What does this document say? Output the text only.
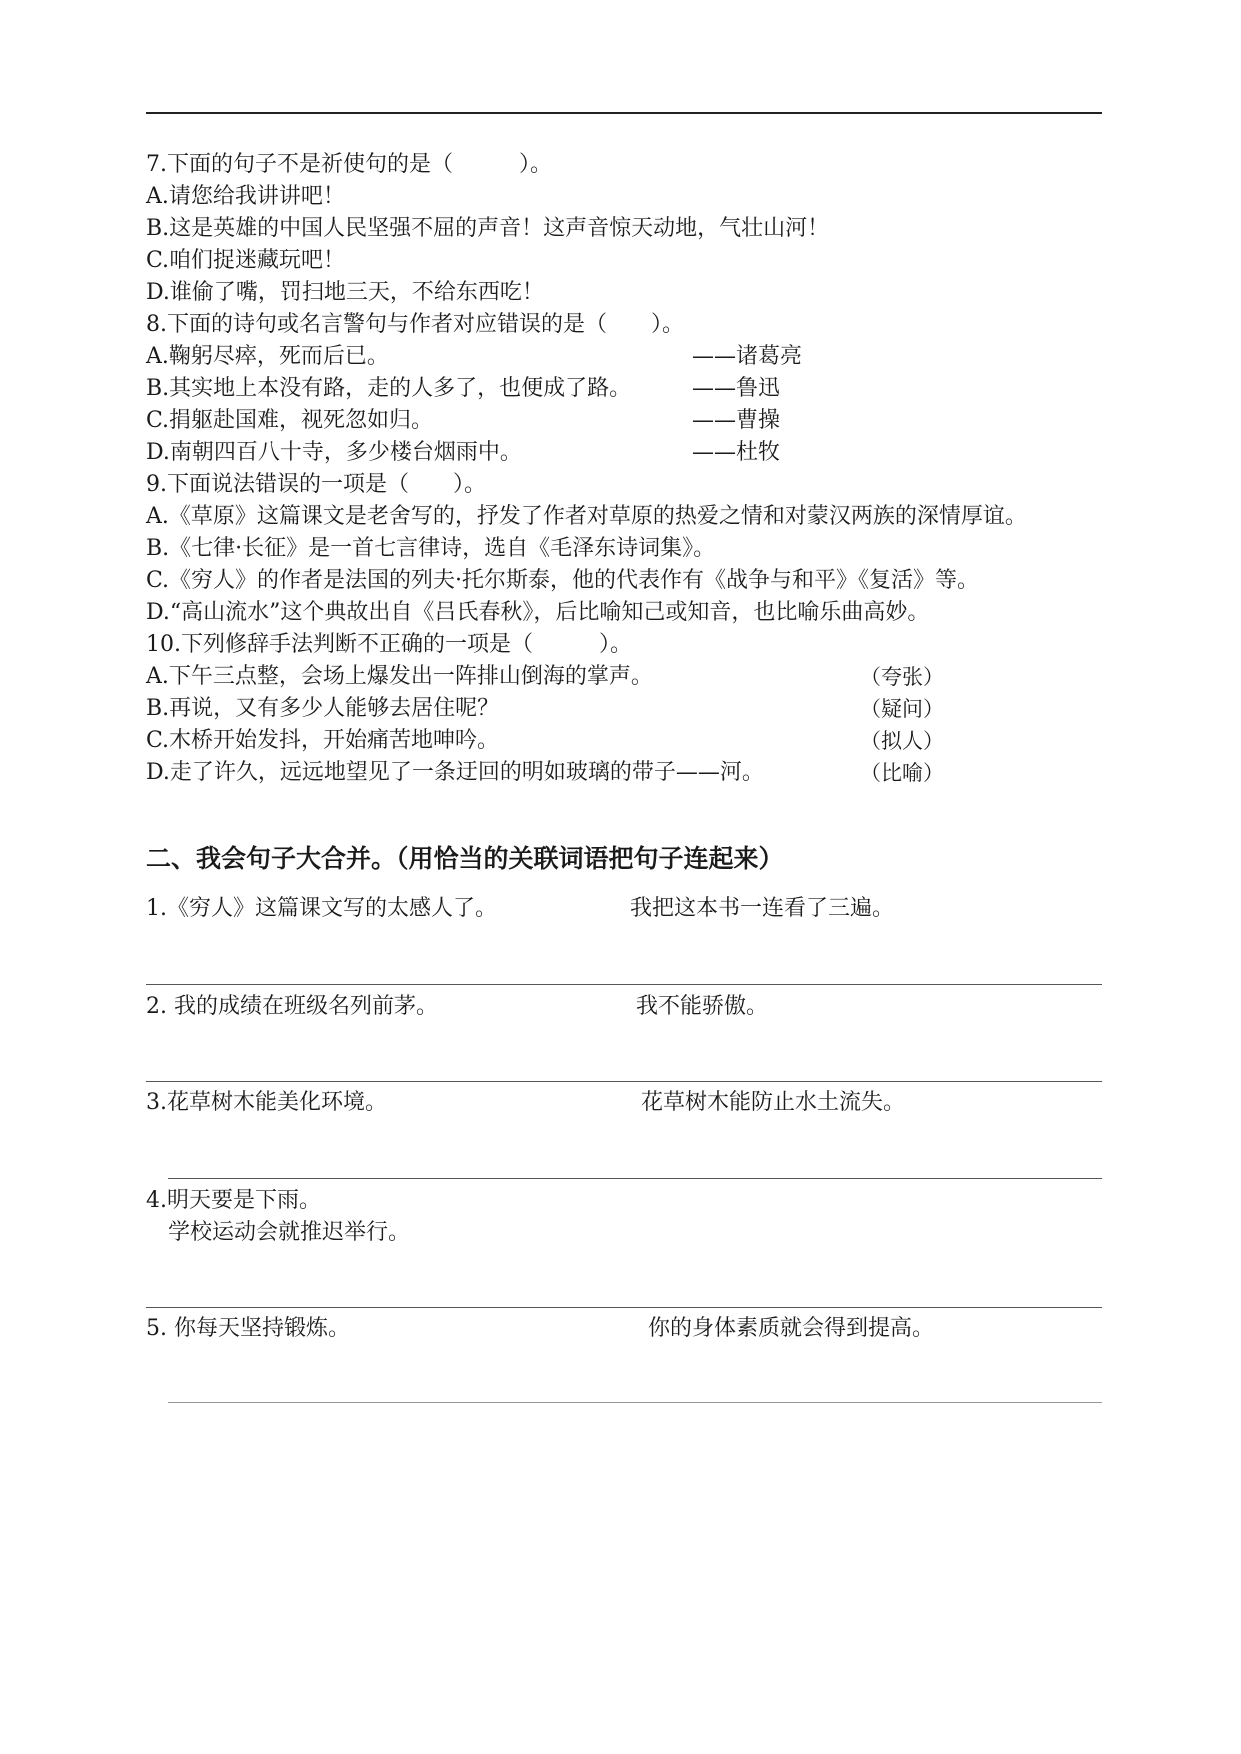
7.下面的句子不是祈使句的是（　　　）。
A.请您给我讲讲吧！
B.这是英雄的中国人民坚强不屈的声音！这声音惊天动地，气壮山河！
C.咱们捉迷藏玩吧！
D.谁偷了嘴，罚扫地三天，不给东西吃！
8.下面的诗句或名言警句与作者对应错误的是（　　）。
A.鞠躬尽瘁，死而后已。	——诸葛亮
B.其实地上本没有路，走的人多了，也便成了路。	——鲁迅
C.捐躯赴国难，视死忽如归。	——曹操
D.南朝四百八十寺，多少楼台烟雨中。	——杜牧
9.下面说法错误的一项是（　　）。
A.《草原》这篇课文是老舍写的，抒发了作者对草原的热爱之情和对蒙汉两族的深情厚谊。
B.《七律·长征》是一首七言律诗，选自《毛泽东诗词集》。
C.《穷人》的作者是法国的列夫·托尔斯泰，他的代表作有《战争与和平》《复活》等。
D.“高山流水”这个典故出自《吕氏春秋》，后比喻知己或知音，也比喻乐曲高妙。
10.下列修辞手法判断不正确的一项是（　　　）。
A.下午三点整，会场上爆发出一阵排山倒海的掌声。	（夸张）
B.再说，又有多少人能够去居住呢？	（疑问）
C.木桥开始发抖，开始痛苦地呻吟。	（拟人）
D.走了许久，远远地望见了一条迂回的明如玻璃的带子——河。	（比喻）
二、我会句子大合并。（用恰当的关联词语把句子连起来）
1.《穷人》这篇课文写的太感人了。	我把这本书一连看了三遍。
2. 我的成绩在班级名列前茅。	我不能骄傲。
3.花草树木能美化环境。	花草树木能防止水土流失。
4.明天要是下雨。
学校运动会就推迟举行。
5. 你每天坚持锻炼。	你的身体素质就会得到提高。
